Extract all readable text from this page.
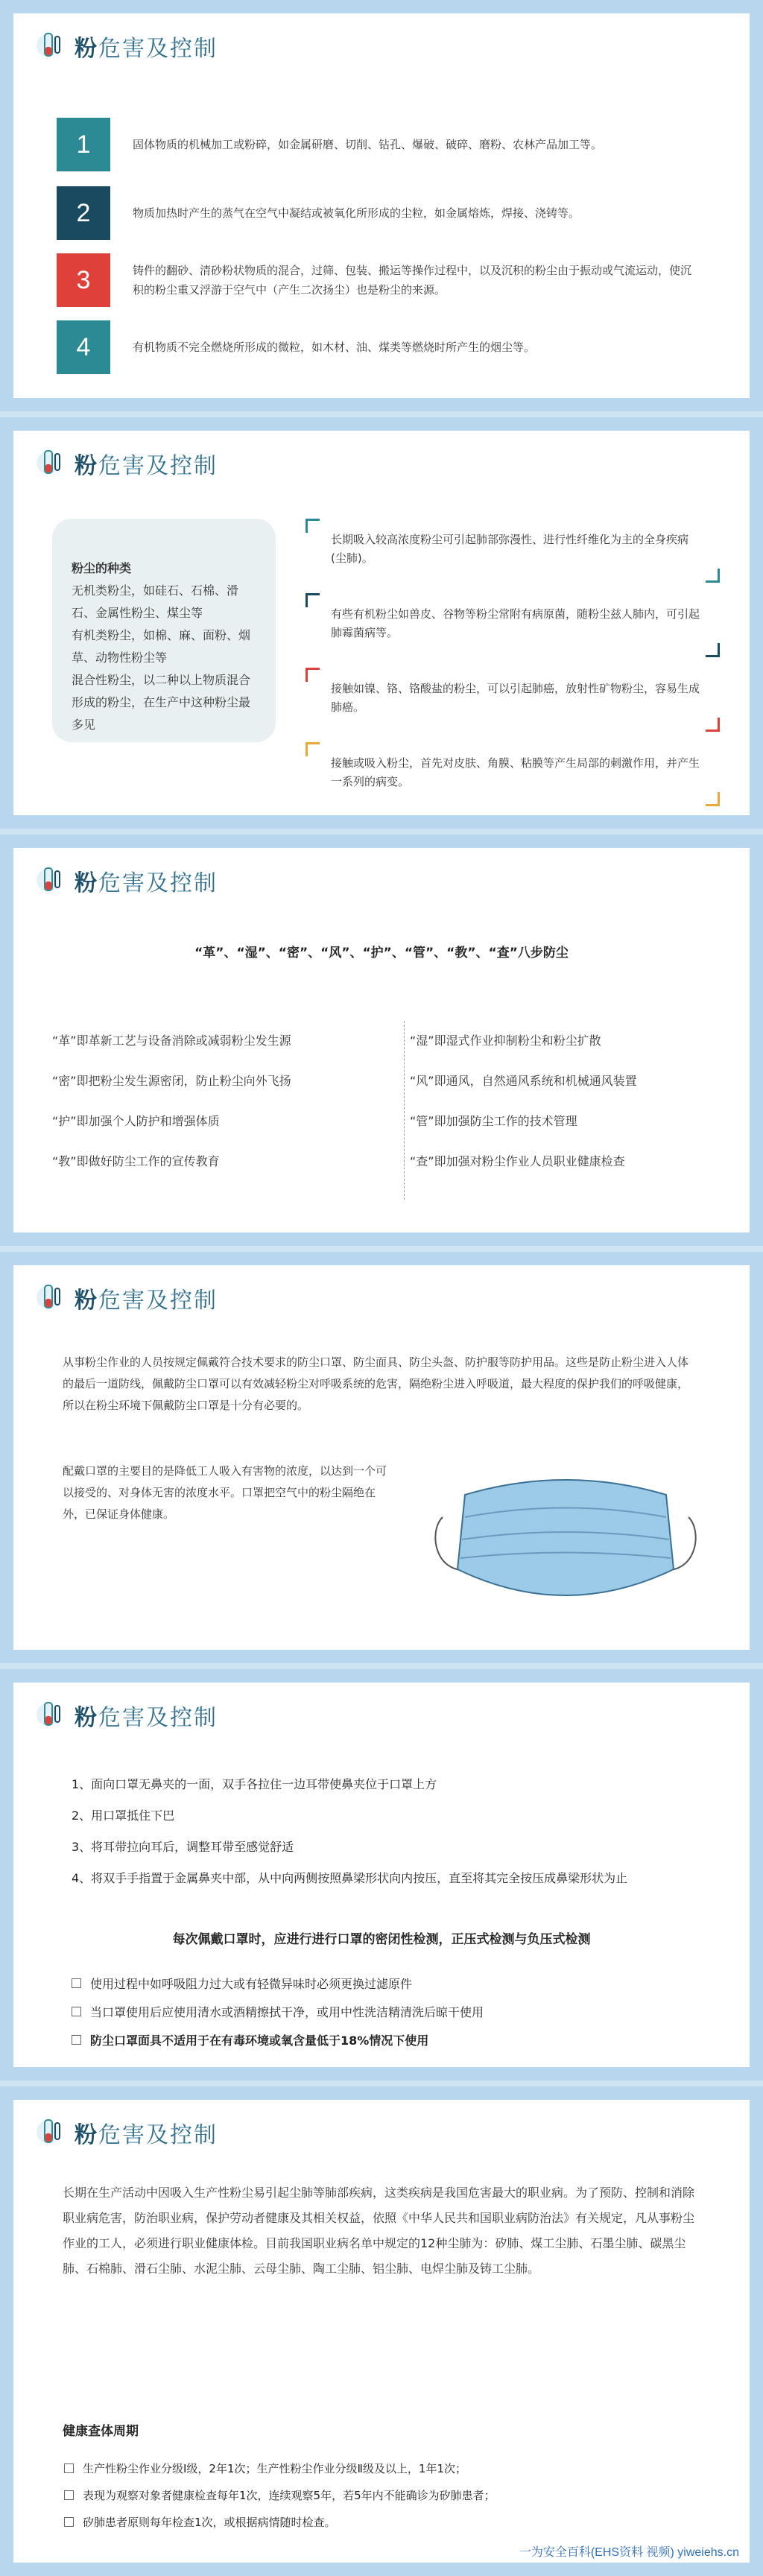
粉危害及控制
1	固体物质的机械加工或粉碎，如金属研磨、切削、钻孔、爆破、破碎、磨粉、农林产品加工等。
2	物质加热时产生的蒸气在空气中凝结或被氧化所形成的尘粒，如金属熔炼，焊接、浇铸等。
3	铸件的翻砂、清砂粉状物质的混合，过筛、包装、搬运等操作过程中，以及沉积的粉尘由于振动或气流运动，使沉积的粉尘重又浮游于空气中（产生二次扬尘）也是粉尘的来源。
4	有机物质不完全燃烧所形成的微粒，如木材、油、煤类等燃烧时所产生的烟尘等。
粉危害及控制
粉尘的种类
无机类粉尘，如硅石、石棉、滑石、金属性粉尘、煤尘等
有机类粉尘，如棉、麻、面粉、烟草、动物性粉尘等
混合性粉尘，以二种以上物质混合形成的粉尘，在生产中这种粉尘最多见
长期吸入较高浓度粉尘可引起肺部弥漫性、进行性纤维化为主的全身疾病(尘肺)。
有些有机粉尘如兽皮、谷物等粉尘常附有病原菌，随粉尘兹人肺内，可引起肺霉菌病等。
接触如镍、铬、铬酸盐的粉尘，可以引起肺癌，放射性矿物粉尘，容易生成肺癌。
接触或吸入粉尘，首先对皮肤、角膜、粘膜等产生局部的刺激作用，并产生一系列的病变。
粉危害及控制
“革”、“湿”、“密”、“风”、“护”、“管”、“教”、“查”八步防尘
“革”即革新工艺与设备消除或减弱粉尘发生源
“密”即把粉尘发生源密闭，防止粉尘向外飞扬
“护”即加强个人防护和增强体质
“教”即做好防尘工作的宣传教育
“湿”即湿式作业抑制粉尘和粉尘扩散
“风”即通风，自然通风系统和机械通风装置
“管”即加强防尘工作的技术管理
“查”即加强对粉尘作业人员职业健康检查
粉危害及控制
从事粉尘作业的人员按规定佩戴符合技术要求的防尘口罩、防尘面具、防尘头盔、防护服等防护用品。这些是防止粉尘进入人体的最后一道防线，佩戴防尘口罩可以有效减轻粉尘对呼吸系统的危害，隔绝粉尘进入呼吸道，最大程度的保护我们的呼吸健康，所以在粉尘环境下佩戴防尘口罩是十分有必要的。
配戴口罩的主要目的是降低工人吸入有害物的浓度，以达到一个可以接受的、对身体无害的浓度水平。口罩把空气中的粉尘隔绝在外，已保证身体健康。
粉危害及控制
1、面向口罩无鼻夹的一面，双手各拉住一边耳带使鼻夹位于口罩上方
2、用口罩抵住下巴
3、将耳带拉向耳后，调整耳带至感觉舒适
4、将双手手指置于金属鼻夹中部，从中向两侧按照鼻梁形状向内按压，直至将其完全按压成鼻梁形状为止
每次佩戴口罩时，应进行进行口罩的密闭性检测，正压式检测与负压式检测
使用过程中如呼吸阻力过大或有轻微异味时必须更换过滤原件
当口罩使用后应使用清水或酒精擦拭干净，或用中性洗洁精清洗后晾干使用
防尘口罩面具不适用于在有毒环境或氧含量低于18%情况下使用
粉危害及控制
长期在生产活动中因吸入生产性粉尘易引起尘肺等肺部疾病，这类疾病是我国危害最大的职业病。为了预防、控制和消除职业病危害，防治职业病，保护劳动者健康及其相关权益，依照《中华人民共和国职业病防治法》有关规定，凡从事粉尘作业的工人，必须进行职业健康体检。目前我国职业病名单中规定的12种尘肺为：矽肺、煤工尘肺、石墨尘肺、碳黑尘肺、石棉肺、滑石尘肺、水泥尘肺、云母尘肺、陶工尘肺、铝尘肺、电焊尘肺及铸工尘肺。
健康查体周期
生产性粉尘作业分级Ⅰ级，2年1次；生产性粉尘作业分级Ⅱ级及以上，1年1次；
表现为观察对象者健康检查每年1次，连续观察5年，若5年内不能确诊为矽肺患者；
矽肺患者原则每年检查1次，或根据病情随时检查。
一为安全百科(EHS资料 视频) yiweiehs.cn
